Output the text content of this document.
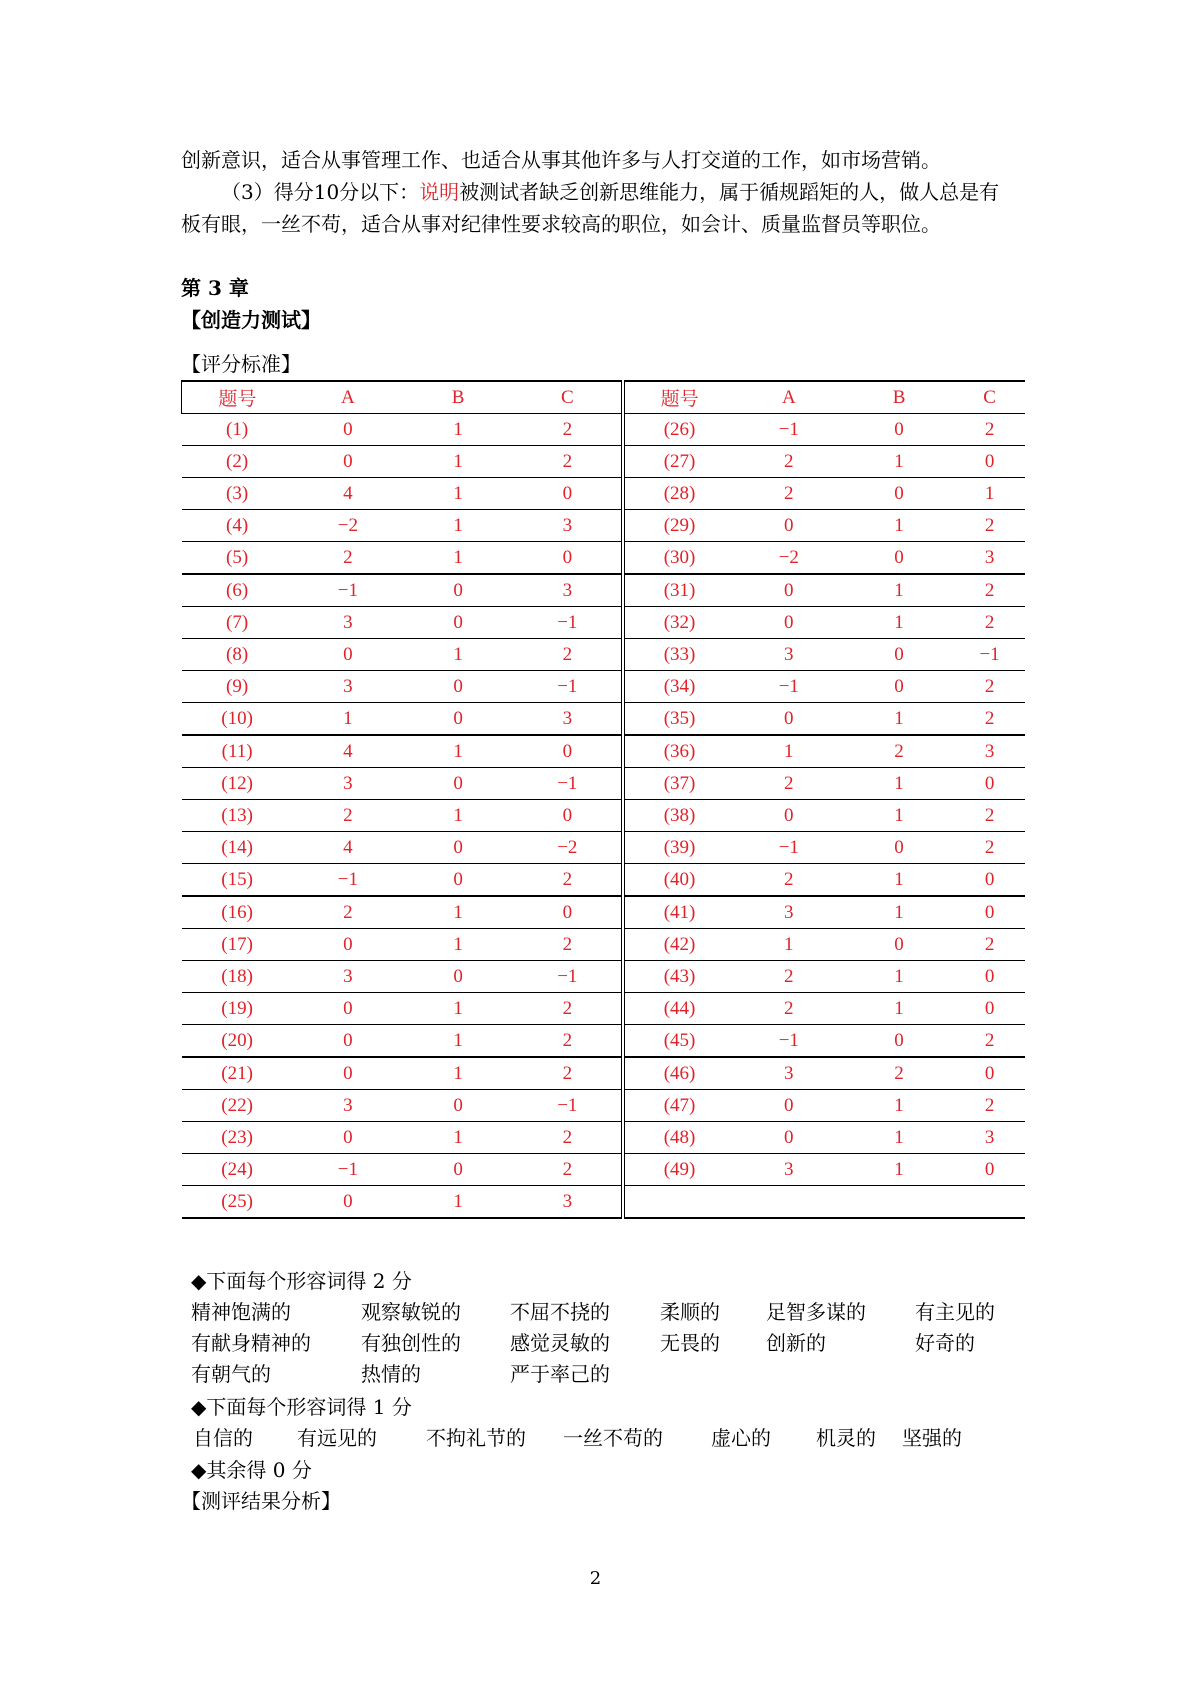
创新意识，适合从事管理工作、也适合从事其他许多与人打交道的工作，如市场营销。
（3）得分10分以下：说明被测试者缺乏创新思维能力，属于循规蹈矩的人，做人总是有
板有眼，一丝不苟，适合从事对纪律性要求较高的职位，如会计、质量监督员等职位。
第 3 章
【创造力测试】
【评分标准】
题号	A	B	C	题号	A	B	C
(1)	0	1	2	(26)	−1	0	2
(2)	0	1	2	(27)	2	1	0
(3)	4	1	0	(28)	2	0	1
(4)	−2	1	3	(29)	0	1	2
(5)	2	1	0	(30)	−2	0	3
(6)	−1	0	3	(31)	0	1	2
(7)	3	0	−1	(32)	0	1	2
(8)	0	1	2	(33)	3	0	−1
(9)	3	0	−1	(34)	−1	0	2
(10)	1	0	3	(35)	0	1	2
(11)	4	1	0	(36)	1	2	3
(12)	3	0	−1	(37)	2	1	0
(13)	2	1	0	(38)	0	1	2
(14)	4	0	−2	(39)	−1	0	2
(15)	−1	0	2	(40)	2	1	0
(16)	2	1	0	(41)	3	1	0
(17)	0	1	2	(42)	1	0	2
(18)	3	0	−1	(43)	2	1	0
(19)	0	1	2	(44)	2	1	0
(20)	0	1	2	(45)	−1	0	2
(21)	0	1	2	(46)	3	2	0
(22)	3	0	−1	(47)	0	1	2
(23)	0	1	2	(48)	0	1	3
(24)	−1	0	2	(49)	3	1	0
(25)	0	1	3				
◆下面每个形容词得 2 分
精神饱满的	观察敏锐的 不屈不挠的	柔顺的 足智多谋的 有主见的
有献身精神的	有独创性的 感觉灵敏的	无畏的 创新的	好奇的
有朝气的	热情的	严于率己的
◆下面每个形容词得 1 分
自信的 有远见的 不拘礼节的 一丝不苟的 虚心的 机灵的 坚强的
◆其余得 0 分
【测评结果分析】
2
